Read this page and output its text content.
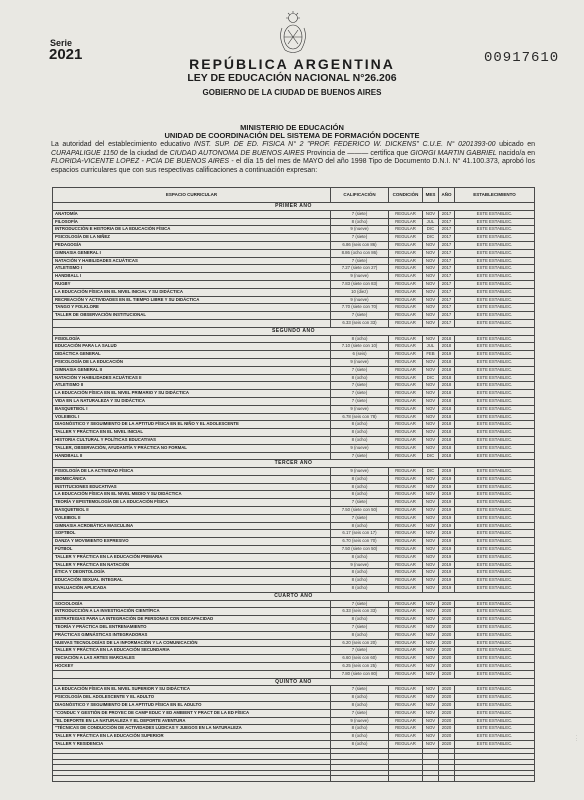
Serie
2021
REPÚBLICA ARGENTINA
LEY DE EDUCACIÓN NACIONAL N°26.206
GOBIERNO DE LA CIUDAD DE BUENOS AIRES
00917610
MINISTERIO DE EDUCACIÓN
UNIDAD DE COORDINACIÓN DEL SISTEMA DE FORMACIÓN DOCENTE
La autoridad del establecimiento educativo INST. SUP. DE ED. FISICA N° 2 "PROF. FEDERICO W. DICKENS" C.U.E. N° 0201393-00 ubicado en CURAPALIGUE 1150 de la ciudad de CIUDAD AUTONOMA DE BUENOS AIRES Provincia de ——— certifica que GIORGI MARTIN GABRIEL nacido/a en FLORIDA-VICENTE LOPEZ - PCIA DE BUENOS AIRES - el día 15 del mes de MAYO del año 1998 Tipo de Documento D.N.I. N° 41.100.373, aprobó los espacios curriculares que con sus respectivas calificaciones a continuación expresan:
ESPACIO CURRICULAR	CALIFICACIÓN	CONDICIÓN	MES	AÑO	ESTABLECIMIENTO
PRIMER AÑO					
ANATOMÍA	7 (siete)	REGULAR	NOV	2017	ESTE ESTABLEC.
FILOSOFÍA	8 (ocho)	REGULAR	JUL	2017	ESTE ESTABLEC.
INTRODUCCIÓN E HISTORIA DE LA EDUCACIÓN FÍSICA	9 (nueve)	REGULAR	DIC	2017	ESTE ESTABLEC.
PSICOLOGÍA DE LA NIÑEZ	7 (siete)	REGULAR	DIC	2017	ESTE ESTABLEC.
PEDAGOGÍA	6.86 (seis con 86)	REGULAR	NOV	2017	ESTE ESTABLEC.
GIMNASIA GENERAL I	8.86 (ocho con 86)	REGULAR	NOV	2017	ESTE ESTABLEC.
NATACIÓN Y HABILIDADES ACUÁTICAS	7 (siete)	REGULAR	NOV	2017	ESTE ESTABLEC.
ATLETISMO I	7.27 (siete con 27)	REGULAR	NOV	2017	ESTE ESTABLEC.
HANDBALL I	9 (nueve)	REGULAR	NOV	2017	ESTE ESTABLEC.
RUGBY	7.83 (siete con 83)	REGULAR	NOV	2017	ESTE ESTABLEC.
LA EDUCACIÓN FÍSICA EN EL NIVEL INICIAL Y SU DIDÁCTICA	10 (diez)	REGULAR	NOV	2017	ESTE ESTABLEC.
RECREACIÓN Y ACTIVIDADES EN EL TIEMPO LIBRE Y SU DIDÁCTICA	9 (nueve)	REGULAR	NOV	2017	ESTE ESTABLEC.
TANGO Y FOLKLORE	7.70 (siete con 70)	REGULAR	NOV	2017	ESTE ESTABLEC.
TALLER DE OBSERVACIÓN INSTITUCIONAL	7 (siete)	REGULAR	NOV	2017	ESTE ESTABLEC.
	6.33 (seis con 33)	REGULAR	NOV	2017	ESTE ESTABLEC.
SEGUNDO AÑO					
FISIOLOGÍA	8 (ocho)	REGULAR	NOV	2018	ESTE ESTABLEC.
EDUCACIÓN PARA LA SALUD	7.10 (siete con 10)	REGULAR	JUL	2018	ESTE ESTABLEC.
DIDÁCTICA GENERAL	6 (seis)	REGULAR	FEB	2019	ESTE ESTABLEC.
PSICOLOGÍA DE LA EDUCACIÓN	9 (nueve)	REGULAR	NOV	2018	ESTE ESTABLEC.
GIMNASIA GENERAL II	7 (siete)	REGULAR	NOV	2018	ESTE ESTABLEC.
NATACIÓN Y HABILIDADES ACUÁTICAS II	8 (ocho)	REGULAR	DIC	2018	ESTE ESTABLEC.
ATLETISMO II	7 (siete)	REGULAR	NOV	2018	ESTE ESTABLEC.
LA EDUCACIÓN FÍSICA EN EL NIVEL PRIMARIO Y SU DIDÁCTICA	7 (siete)	REGULAR	NOV	2018	ESTE ESTABLEC.
VIDA EN LA NATURALEZA Y SU DIDÁCTICA	7 (siete)	REGULAR	NOV	2018	ESTE ESTABLEC.
BASQUETBOL I	9 (nueve)	REGULAR	NOV	2018	ESTE ESTABLEC.
VOLEIBOL I	6.78 (seis con 78)	REGULAR	NOV	2018	ESTE ESTABLEC.
DIAGNÓSTICO Y SEGUIMIENTO DE LA APTITUD FÍSICA EN EL NIÑO Y EL ADOLESCENTE	8 (ocho)	REGULAR	NOV	2018	ESTE ESTABLEC.
TALLER Y PRÁCTICA EN EL NIVEL INICIAL	8 (ocho)	REGULAR	NOV	2018	ESTE ESTABLEC.
HISTORIA CULTURAL Y POLÍTICAS EDUCATIVAS	8 (ocho)	REGULAR	NOV	2018	ESTE ESTABLEC.
TALLER, OBSERVACIÓN, AYUDANTÍA Y PRÁCTICA NO FORMAL	9 (nueve)	REGULAR	NOV	2018	ESTE ESTABLEC.
HANDBALL II	7 (siete)	REGULAR	DIC	2018	ESTE ESTABLEC.
TERCER AÑO					
FISIOLOGÍA DE LA ACTIVIDAD FÍSICA	9 (nueve)	REGULAR	DIC	2019	ESTE ESTABLEC.
BIOMECÁNICA	8 (ocho)	REGULAR	NOV	2019	ESTE ESTABLEC.
INSTITUCIONES EDUCATIVAS	8 (ocho)	REGULAR	NOV	2019	ESTE ESTABLEC.
LA EDUCACIÓN FÍSICA EN EL NIVEL MEDIO Y SU DIDÁCTICA	8 (ocho)	REGULAR	NOV	2019	ESTE ESTABLEC.
TEORÍA Y EPISTEMOLOGÍA DE LA EDUCACIÓN FÍSICA	7 (siete)	REGULAR	NOV	2019	ESTE ESTABLEC.
BASQUETBOL II	7.50 (siete con 50)	REGULAR	NOV	2019	ESTE ESTABLEC.
VOLEIBOL II	7 (siete)	REGULAR	NOV	2019	ESTE ESTABLEC.
GIMNASIA ACROBÁTICA MASCULINA	8 (ocho)	REGULAR	NOV	2019	ESTE ESTABLEC.
SOFTBOL	6.17 (seis con 17)	REGULAR	NOV	2019	ESTE ESTABLEC.
DANZA Y MOVIMIENTO EXPRESIVO	6.70 (seis con 70)	REGULAR	NOV	2019	ESTE ESTABLEC.
FÚTBOL	7.50 (siete con 50)	REGULAR	NOV	2019	ESTE ESTABLEC.
TALLER Y PRÁCTICA EN LA EDUCACIÓN PRIMARIA	8 (ocho)	REGULAR	NOV	2019	ESTE ESTABLEC.
TALLER Y PRÁCTICA EN NATACIÓN	9 (nueve)	REGULAR	NOV	2019	ESTE ESTABLEC.
ÉTICA Y DEONTOLOGÍA	8 (ocho)	REGULAR	NOV	2019	ESTE ESTABLEC.
EDUCACIÓN SEXUAL INTEGRAL	8 (ocho)	REGULAR	NOV	2019	ESTE ESTABLEC.
EVALUACIÓN APLICADA	8 (ocho)	REGULAR	NOV	2019	ESTE ESTABLEC.
CUARTO AÑO					
SOCIOLOGÍA	7 (siete)	REGULAR	NOV	2020	ESTE ESTABLEC.
INTRODUCCIÓN A LA INVESTIGACIÓN CIENTÍFICA	6.33 (seis con 33)	REGULAR	NOV	2020	ESTE ESTABLEC.
ESTRATEGIAS PARA LA INTEGRACIÓN DE PERSONAS CON DISCAPACIDAD	8 (ocho)	REGULAR	NOV	2020	ESTE ESTABLEC.
TEORÍA Y PRÁCTICA DEL ENTRENAMIENTO	7 (siete)	REGULAR	NOV	2020	ESTE ESTABLEC.
PRÁCTICAS GIMNÁSTICAS INTEGRADORAS	8 (ocho)	REGULAR	NOV	2020	ESTE ESTABLEC.
NUEVAS TECNOLOGÍAS DE LA INFORMACIÓN Y LA COMUNICACIÓN	6.20 (seis con 20)	REGULAR	NOV	2020	ESTE ESTABLEC.
TALLER Y PRÁCTICA EN LA EDUCACIÓN SECUNDARIA	7 (siete)	REGULAR	NOV	2020	ESTE ESTABLEC.
INICIACIÓN A LAS ARTES MARCIALES	6.60 (seis con 60)	REGULAR	NOV	2020	ESTE ESTABLEC.
HOCKEY	6.25 (seis con 25)	REGULAR	NOV	2020	ESTE ESTABLEC.
	7.80 (siete con 80)	REGULAR	NOV	2020	ESTE ESTABLEC.
QUINTO AÑO					
LA EDUCACIÓN FÍSICA EN EL NIVEL SUPERIOR Y SU DIDÁCTICA	7 (siete)	REGULAR	NOV	2020	ESTE ESTABLEC.
PSICOLOGÍA DEL ADOLESCENTE Y EL ADULTO	8 (ocho)	REGULAR	NOV	2020	ESTE ESTABLEC.
DIAGNÓSTICO Y SEGUIMIENTO DE LA APTITUD FÍSICA EN EL ADULTO	8 (ocho)	REGULAR	NOV	2020	ESTE ESTABLEC.
"CONDUC Y GESTIÓN DE PROYEC DE CAMP EDUC Y ED AMBIENT Y PRACT DE LA ED FÍSICA	7 (siete)	REGULAR	NOV	2020	ESTE ESTABLEC.
"EL DEPORTE EN LA NATURALEZA Y EL DEPORTE AVENTURA	9 (nueve)	REGULAR	NOV	2020	ESTE ESTABLEC.
"TÉCNICAS DE CONDUCCIÓN DE ACTIVIDADES LÚDICAS Y JUEGOS EN LA NATURALEZA	8 (ocho)	REGULAR	NOV	2020	ESTE ESTABLEC.
TALLER Y PRÁCTICA EN LA EDUCACIÓN SUPERIOR	8 (ocho)	REGULAR	NOV	2020	ESTE ESTABLEC.
TALLER Y RESIDENCIA	8 (ocho)	REGULAR	NOV	2020	ESTE ESTABLEC.

· · ·
